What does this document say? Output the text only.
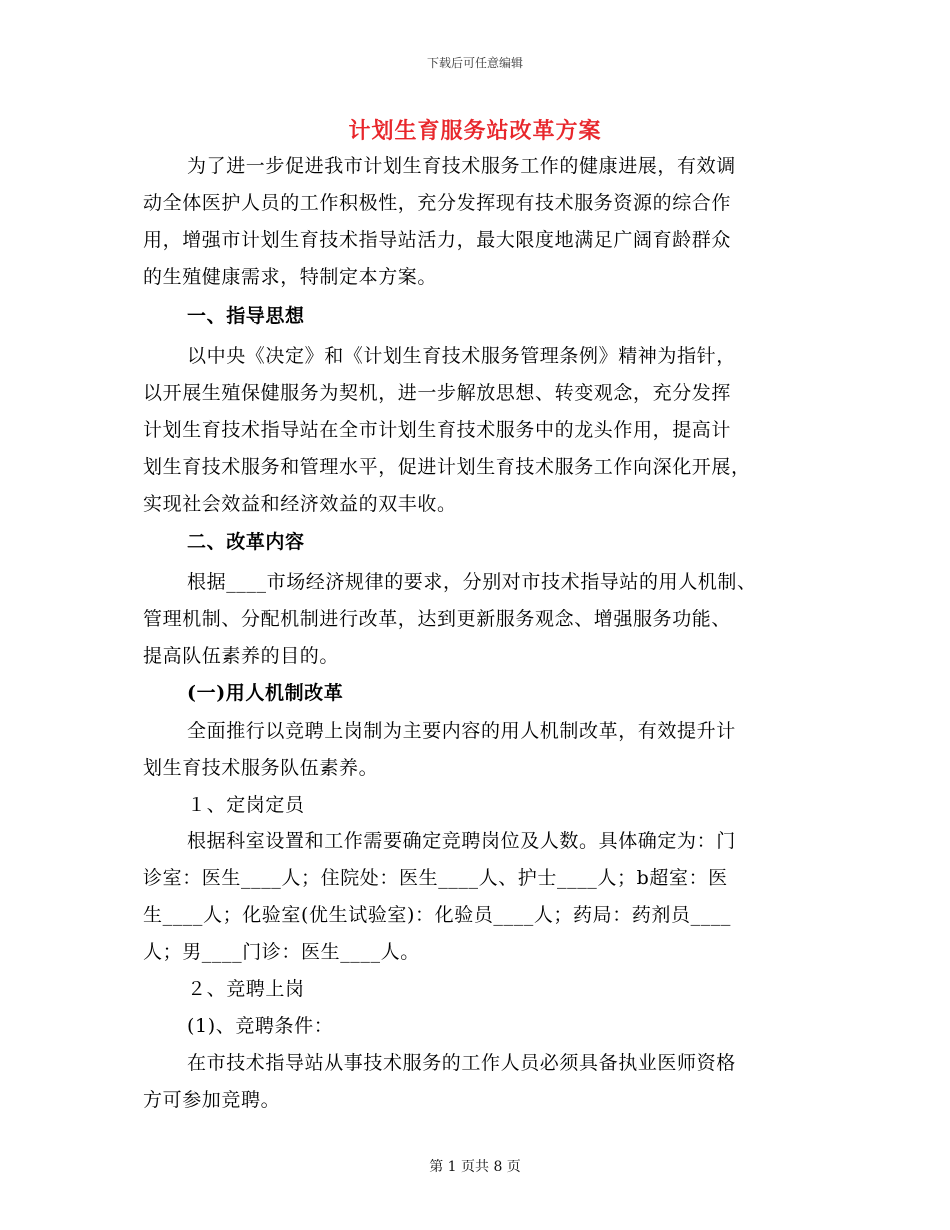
下载后可任意编辑
计划生育服务站改革方案
为了进一步促进我市计划生育技术服务工作的健康进展，有效调
动全体医护人员的工作积极性，充分发挥现有技术服务资源的综合作
用，增强市计划生育技术指导站活力，最大限度地满足广阔育龄群众
的生殖健康需求，特制定本方案。
一、指导思想
以中央《决定》和《计划生育技术服务管理条例》精神为指针，
以开展生殖保健服务为契机，进一步解放思想、转变观念，充分发挥
计划生育技术指导站在全市计划生育技术服务中的龙头作用，提高计
划生育技术服务和管理水平，促进计划生育技术服务工作向深化开展，
实现社会效益和经济效益的双丰收。
二、改革内容
根据____市场经济规律的要求，分别对市技术指导站的用人机制、
管理机制、分配机制进行改革，达到更新服务观念、增强服务功能、
提高队伍素养的目的。
(一)用人机制改革
全面推行以竞聘上岗制为主要内容的用人机制改革，有效提升计
划生育技术服务队伍素养。
１、定岗定员
根据科室设置和工作需要确定竞聘岗位及人数。具体确定为：门
诊室：医生____人；住院处：医生____人、护士____人；b超室：医
生____人；化验室(优生试验室)：化验员____人；药局：药剂员____
人；男____门诊：医生____人。
２、竞聘上岗
(1)、竞聘条件：
在市技术指导站从事技术服务的工作人员必须具备执业医师资格
方可参加竞聘。
第 1 页共 8 页
